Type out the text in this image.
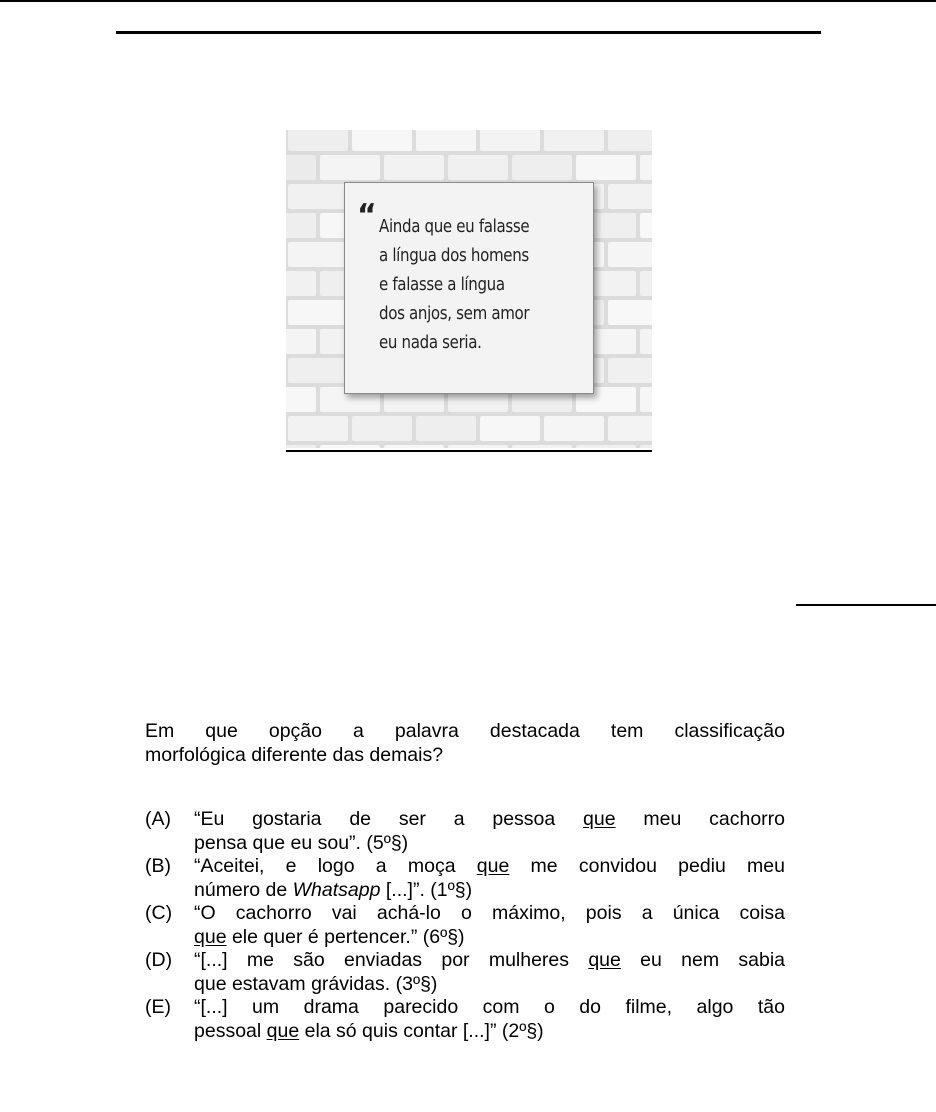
“ Ainda que eu falasse
a língua dos homens
e falasse a língua
dos anjos, sem amor
eu nada seria.
Em que opção a palavra destacada tem classificação
morfológica diferente das demais?
(A) “Eu gostaria de ser a pessoa que meu cachorro
pensa que eu sou”. (5º§)
(B) “Aceitei, e logo a moça que me convidou pediu meu
número de Whatsapp [...]”. (1º§)
(C) “O cachorro vai achá-lo o máximo, pois a única coisa
que ele quer é pertencer.” (6º§)
(D) “[...] me são enviadas por mulheres que eu nem sabia
que estavam grávidas. (3º§)
(E) “[...] um drama parecido com o do filme, algo tão
pessoal que ela só quis contar [...]” (2º§)
